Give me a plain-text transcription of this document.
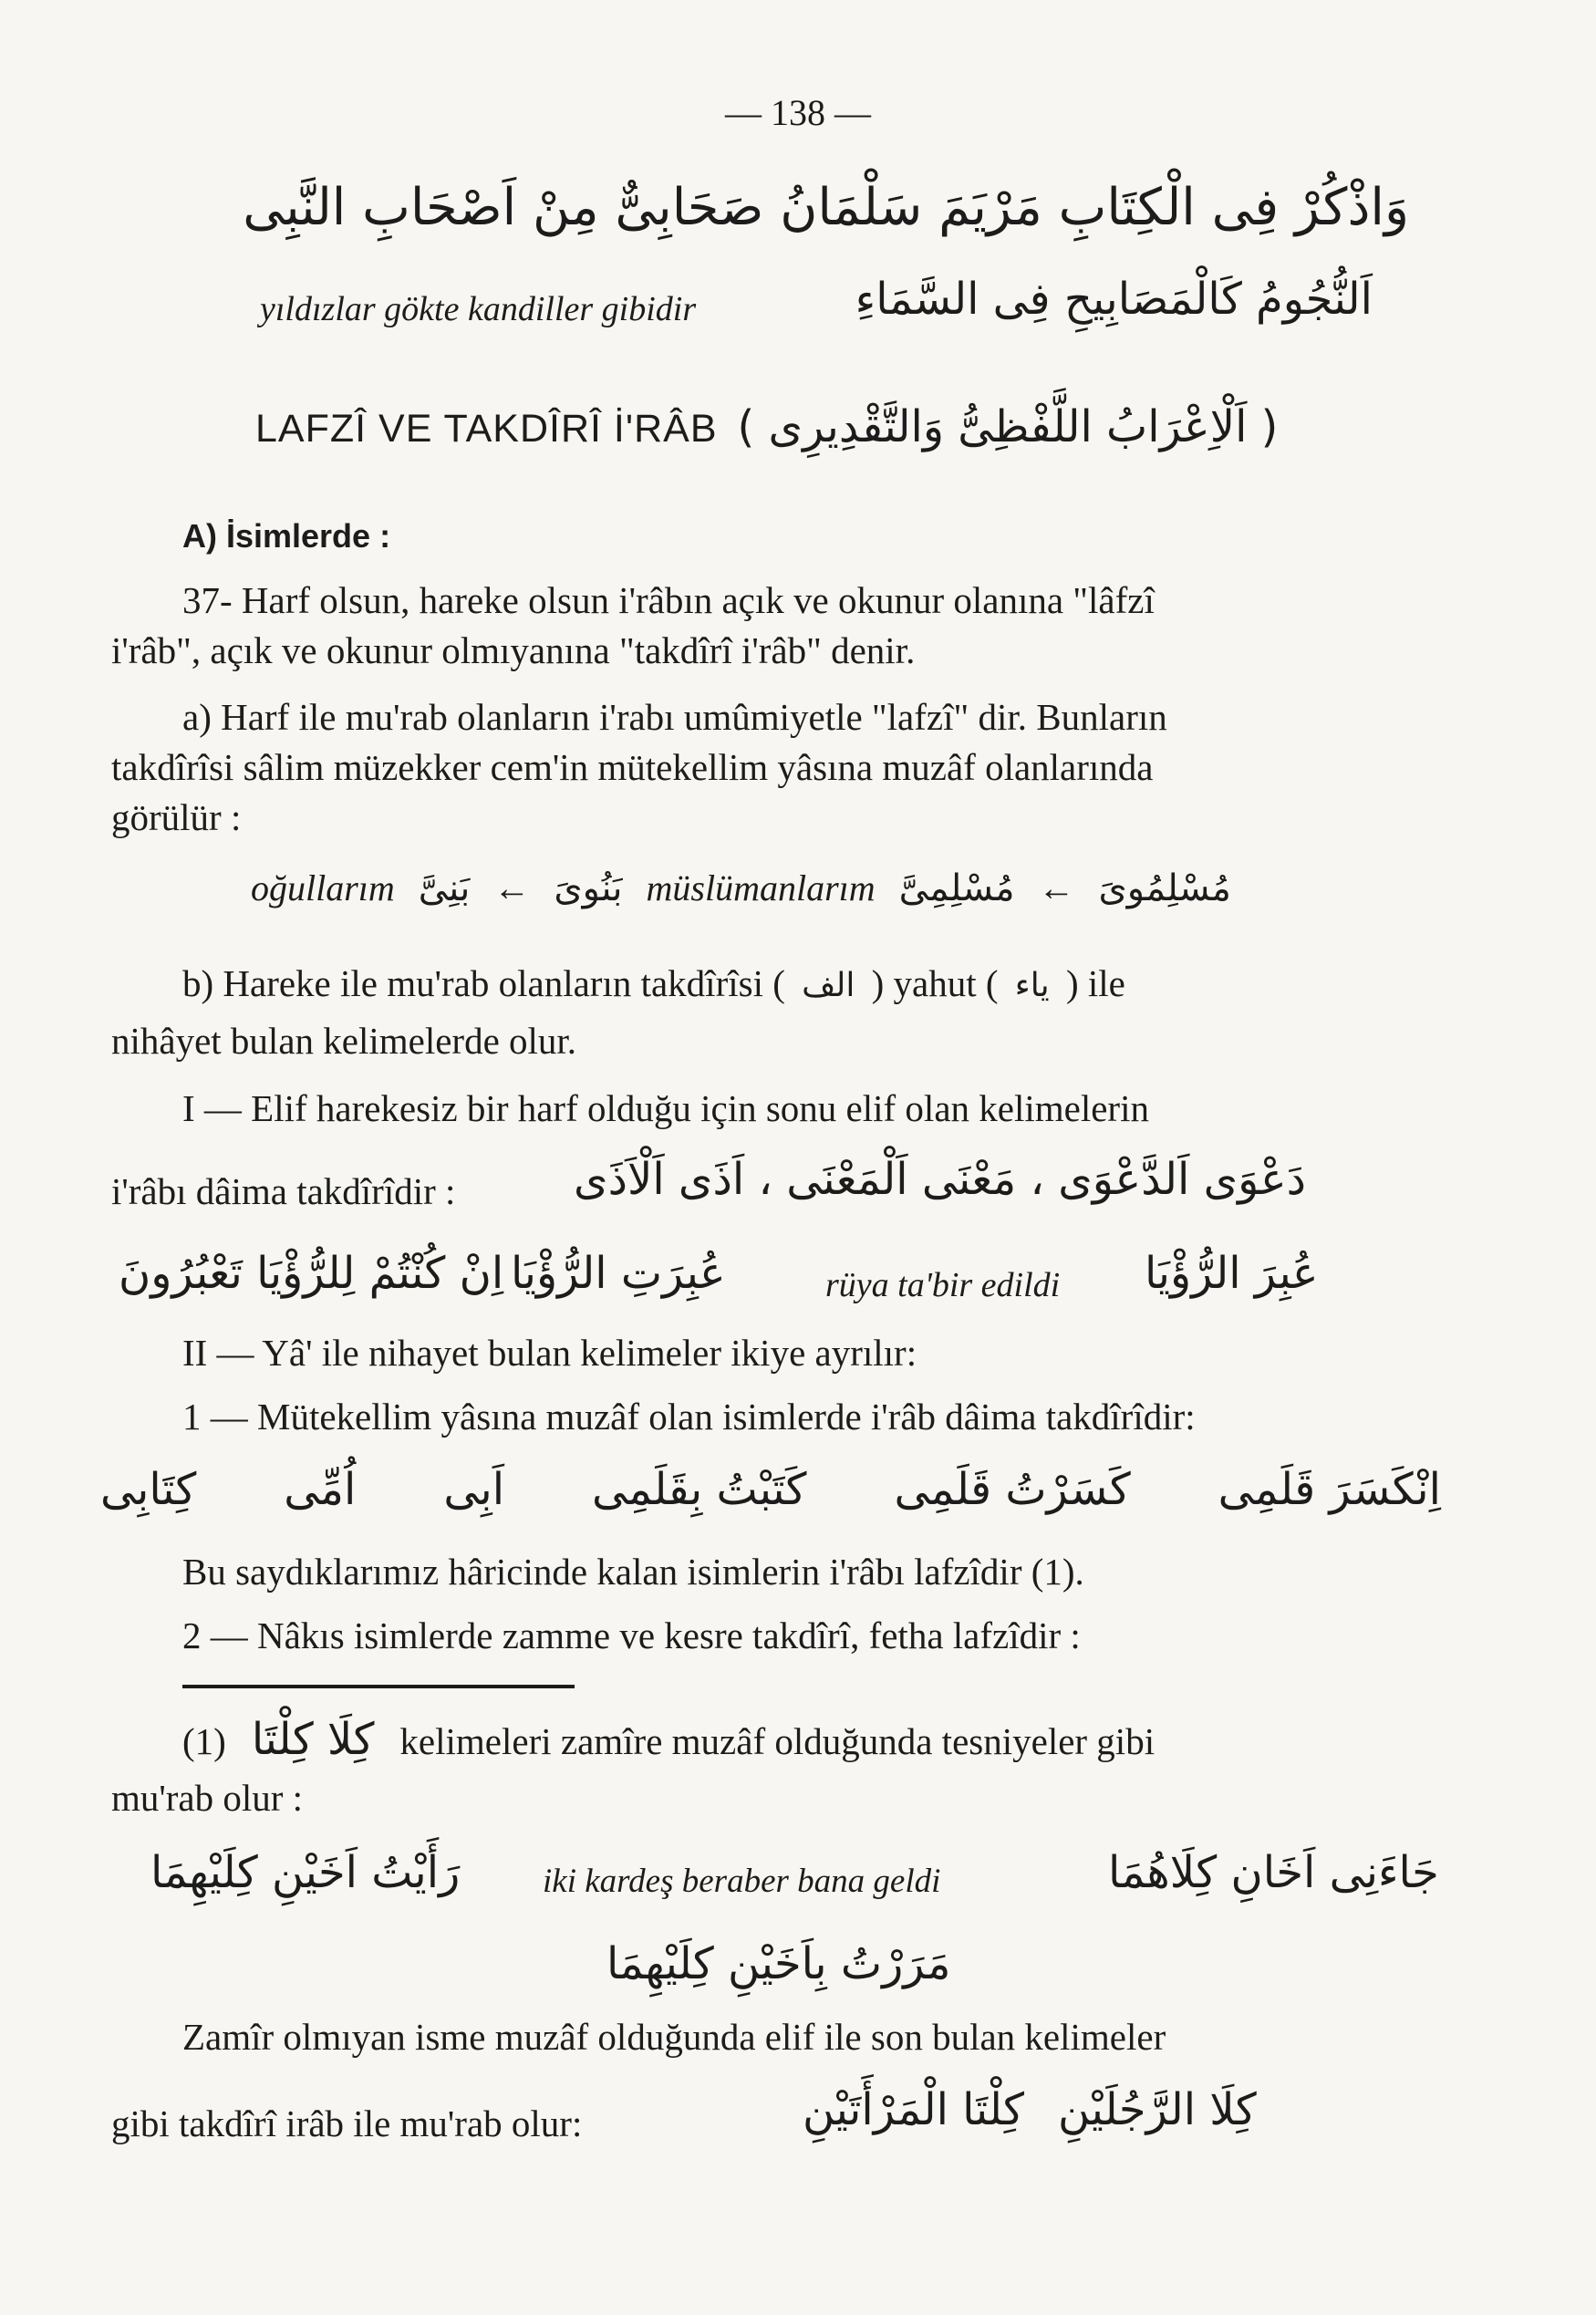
— 138 —
وَاذْكُرْ فِى الْكِتَابِ مَرْيَمَ سَلْمَانُ صَحَابِىٌّ مِنْ اَصْحَابِ النَّبِى
yıldızlar gökte kandiller gibidir	اَلنُّجُومُ كَالْمَصَابِيحِ فِى السَّمَاءِ
LAFZÎ VE TAKDÎRÎ İ'RÂB ( اَلْاِعْرَابُ اللَّفْظِىُّ وَالتَّقْدِيرِى )
A) İsimlerde :
37- Harf olsun, hareke olsun i'râbın açık ve okunur olanına "lâfzî
i'râb", açık ve okunur olmıyanına "takdîrî i'râb" denir.
a) Harf ile mu'rab olanların i'rabı umûmiyetle "lafzî" dir. Bunların
takdîrîsi sâlim müzekker cem'in mütekellim yâsına muzâf olanlarında
görülür :
oğullarım بَنِىَّ ← بَنُوىَ müslümanlarım مُسْلِمِىَّ ← مُسْلِمُوىَ
b) Hareke ile mu'rab olanların takdîrîsi ( الف ) yahut ( ياء ) ile
nihâyet bulan kelimelerde olur.
I — Elif harekesiz bir harf olduğu için sonu elif olan kelimelerin
i'râbı dâima takdîrîdir :	دَعْوَى اَلدَّعْوَى ، مَعْنَى اَلْمَعْنَى ، اَذَى اَلْاَذَى
اِنْ كُنْتُمْ لِلرُّؤْيَا تَعْبُرُونَ عُبِرَتِ الرُّؤْيَا	rüya ta'bir edildi عُبِرَ الرُّؤْيَا
II — Yâ' ile nihayet bulan kelimeler ikiye ayrılır:
1 — Mütekellim yâsına muzâf olan isimlerde i'râb dâima takdîrîdir:
اِنْكَسَرَ قَلَمِى
كَسَرْتُ قَلَمِى
كَتَبْتُ بِقَلَمِى
اَبِى
اُمِّى
كِتَابِى
Bu saydıklarımız hâricinde kalan isimlerin i'râbı lafzîdir (1).
2 — Nâkıs isimlerde zamme ve kesre takdîrî, fetha lafzîdir :
(1) كِلَا كِلْتَا kelimeleri zamîre muzâf olduğunda tesniyeler gibi
mu'rab olur :
رَأَيْتُ اَخَيْنِ كِلَيْهِمَا iki kardeş beraber bana geldi	جَاءَنِى اَخَانِ كِلَاهُمَا
مَرَرْتُ بِاَخَيْنِ كِلَيْهِمَا
Zamîr olmıyan isme muzâf olduğunda elif ile son bulan kelimeler
gibi takdîrî irâb ile mu'rab olur:	كِلْتَا الْمَرْأَتَيْنِ كِلَا الرَّجُلَيْنِ
